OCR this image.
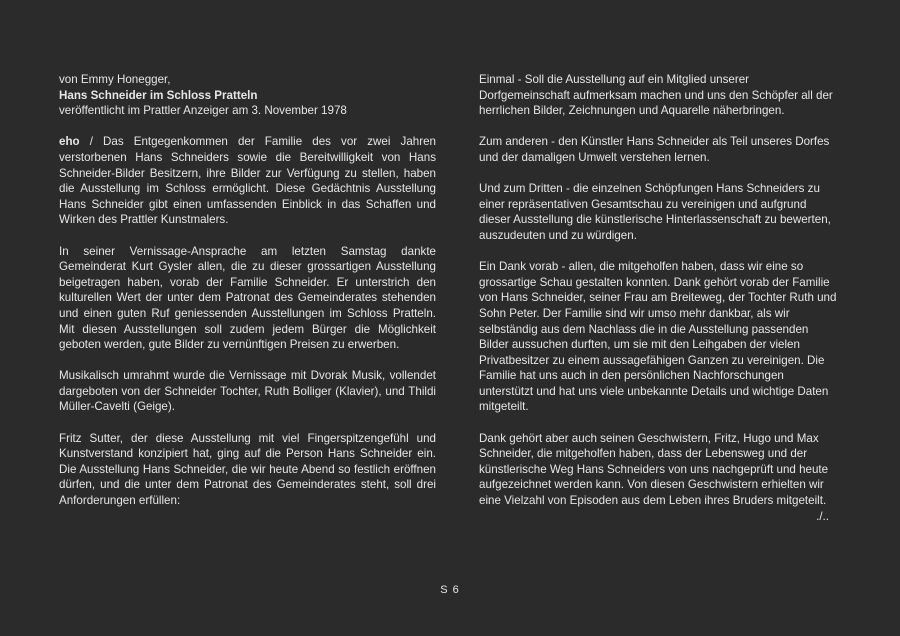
von Emmy Honegger,
Hans Schneider im Schloss Pratteln
veröffentlicht im Prattler Anzeiger am 3. November 1978

eho / Das Entgegenkommen der Familie des vor zwei Jahren verstorbenen Hans Schneiders sowie die Bereitwilligkeit von Hans Schneider-Bilder Besitzern, ihre Bilder zur Verfügung zu stellen, haben die Ausstellung im Schloss ermöglicht. Diese Gedächtnis Ausstellung Hans Schneider gibt einen umfassenden Einblick in das Schaffen und Wirken des Prattler Kunstmalers.

In seiner Vernissage-Ansprache am letzten Samstag dankte Gemeinderat Kurt Gysler allen, die zu dieser grossartigen Ausstellung beigetragen haben, vorab der Familie Schneider. Er unterstrich den kulturellen Wert der unter dem Patronat des Gemeinderates stehenden und einen guten Ruf geniessenden Ausstellungen im Schloss Pratteln. Mit diesen Ausstellungen soll zudem jedem Bürger die Möglichkeit geboten werden, gute Bilder zu vernünftigen Preisen zu erwerben.

Musikalisch umrahmt wurde die Vernissage mit Dvorak Musik, vollendet dargeboten von der Schneider Tochter, Ruth Bolliger (Klavier), und Thildi Müller-Cavelti (Geige).

Fritz Sutter, der diese Ausstellung mit viel Fingerspitzengefühl und Kunstverstand konzipiert hat, ging auf die Person Hans Schneider ein. Die Ausstellung Hans Schneider, die wir heute Abend so festlich eröffnen dürfen, und die unter dem Patronat des Gemeinderates steht, soll drei Anforderungen erfüllen:

Einmal - Soll die Ausstellung auf ein Mitglied unserer Dorfgemeinschaft aufmerksam machen und uns den Schöpfer all der herrlichen Bilder, Zeichnungen und Aquarelle näherbringen.

Zum anderen - den Künstler Hans Schneider als Teil unseres Dorfes und der damaligen Umwelt verstehen lernen.

Und zum Dritten - die einzelnen Schöpfungen Hans Schneiders zu einer repräsentativen Gesamtschau zu vereinigen und aufgrund dieser Ausstellung die künstlerische Hinterlassenschaft zu bewerten, auszudeuten und zu würdigen.

Ein Dank vorab - allen, die mitgeholfen haben, dass wir eine so grossartige Schau gestalten konnten. Dank gehört vorab der Familie von Hans Schneider, seiner Frau am Breiteweg, der Tochter Ruth und Sohn Peter. Der Familie sind wir umso mehr dankbar, als wir selbständig aus dem Nachlass die in die Ausstellung passenden Bilder aussuchen durften, um sie mit den Leihgaben der vielen Privatbesitzer zu einem aussagefähigen Ganzen zu vereinigen. Die Familie hat uns auch in den persönlichen Nachforschungen unterstützt und hat uns viele unbekannte Details und wichtige Daten mitgeteilt.

Dank gehört aber auch seinen Geschwistern, Fritz, Hugo und Max Schneider, die mitgeholfen haben, dass der Lebensweg und der künstlerische Weg Hans Schneiders von uns nachgeprüft und heute aufgezeichnet werden kann. Von diesen Geschwistern erhielten wir eine Vielzahl von Episoden aus dem Leben ihres Bruders mitgeteilt.

./..
S 6
